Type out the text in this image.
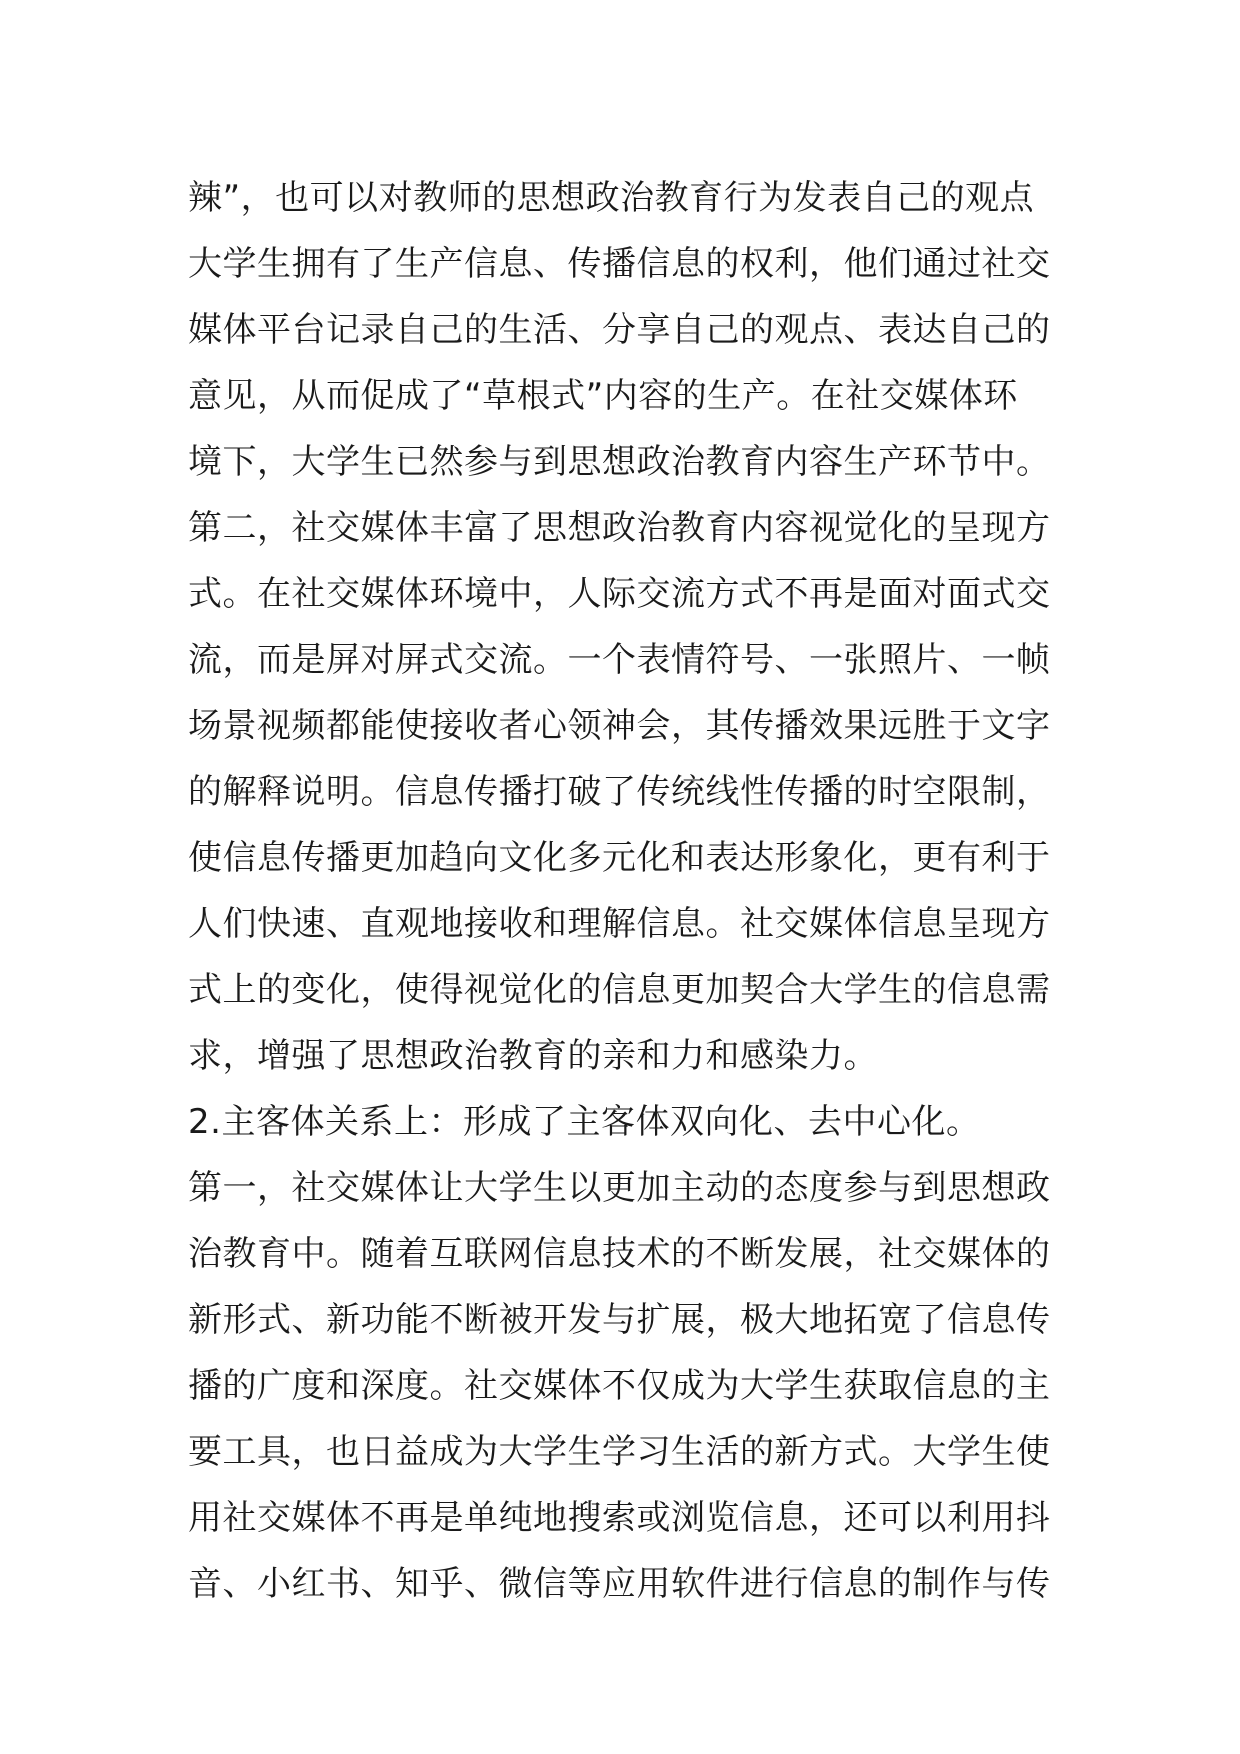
辣”，也可以对教师的思想政治教育行为发表自己的观点
大学生拥有了生产信息、传播信息的权利，他们通过社交
媒体平台记录自己的生活、分享自己的观点、表达自己的
意见，从而促成了“草根式”内容的生产。在社交媒体环
境下，大学生已然参与到思想政治教育内容生产环节中。
第二，社交媒体丰富了思想政治教育内容视觉化的呈现方
式。在社交媒体环境中，人际交流方式不再是面对面式交
流，而是屏对屏式交流。一个表情符号、一张照片、一帧
场景视频都能使接收者心领神会，其传播效果远胜于文字
的解释说明。信息传播打破了传统线性传播的时空限制，
使信息传播更加趋向文化多元化和表达形象化，更有利于
人们快速、直观地接收和理解信息。社交媒体信息呈现方
式上的变化，使得视觉化的信息更加契合大学生的信息需
求，增强了思想政治教育的亲和力和感染力。
2.主客体关系上：形成了主客体双向化、去中心化。
第一，社交媒体让大学生以更加主动的态度参与到思想政
治教育中。随着互联网信息技术的不断发展，社交媒体的
新形式、新功能不断被开发与扩展，极大地拓宽了信息传
播的广度和深度。社交媒体不仅成为大学生获取信息的主
要工具，也日益成为大学生学习生活的新方式。大学生使
用社交媒体不再是单纯地搜索或浏览信息，还可以利用抖
音、小红书、知乎、微信等应用软件进行信息的制作与传
